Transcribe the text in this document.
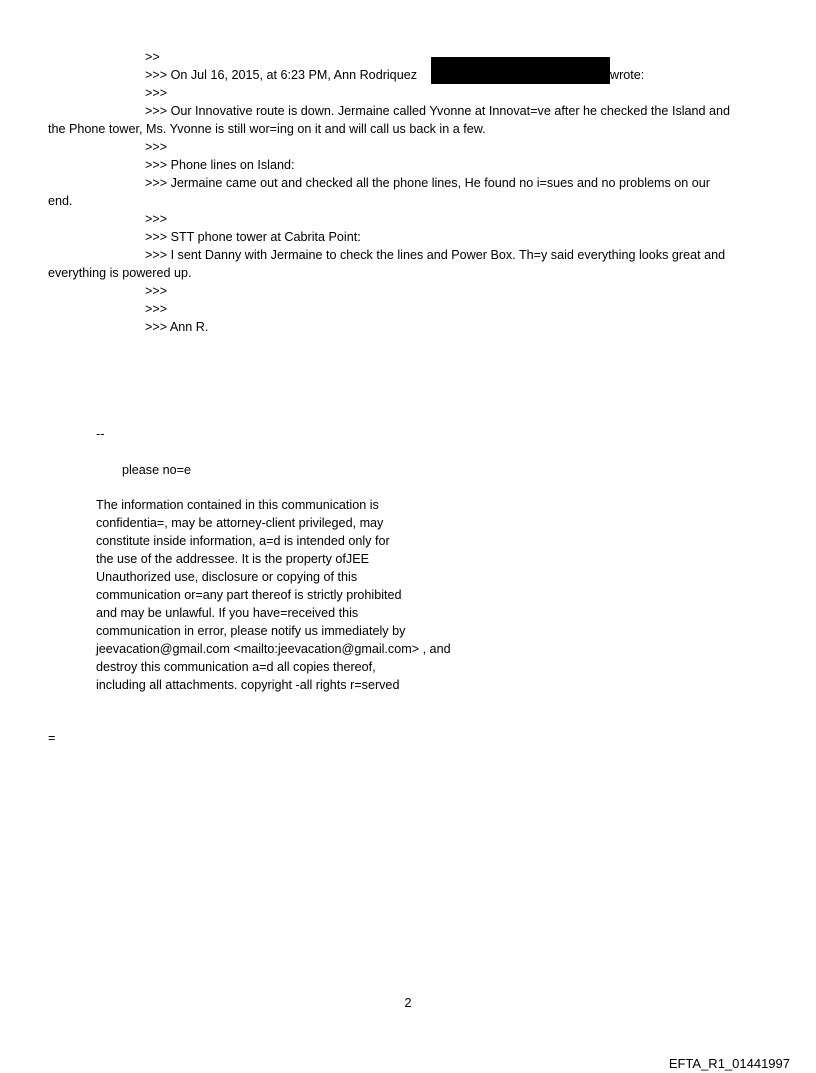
>>
>>> On Jul 16, 2015, at 6:23 PM, Ann Rodriquez	wrote:
>>>
>>> Our Innovative route is down. Jermaine called Yvonne at Innovat=ve after he checked the Island and
the Phone tower, Ms. Yvonne is still wor=ing on it and will call us back in a few.
>>>
>>> Phone lines on Island:
>>> Jermaine came out and checked all the phone lines, He found no i=sues and no problems on our
end.
>>>
>>> STT phone tower at Cabrita Point:
>>> I sent Danny with Jermaine to check the lines and Power Box. Th=y said everything looks great and
everything is powered up.
>>>
>>>
>>> Ann R.
--
please no=e
The information contained in this communication is
confidentia=, may be attorney-client privileged, may
constitute inside information, a=d is intended only for
the use of the addressee. It is the property ofJEE
Unauthorized use, disclosure or copying of this
communication or=any part thereof is strictly prohibited
and may be unlawful. If you have=received this
communication in error, please notify us immediately by
jeevacation@gmail.com <mailto:jeevacation@gmail.com> , and
destroy this communication a=d all copies thereof,
including all attachments. copyright -all rights r=served
=
2
EFTA_R1_01441997
